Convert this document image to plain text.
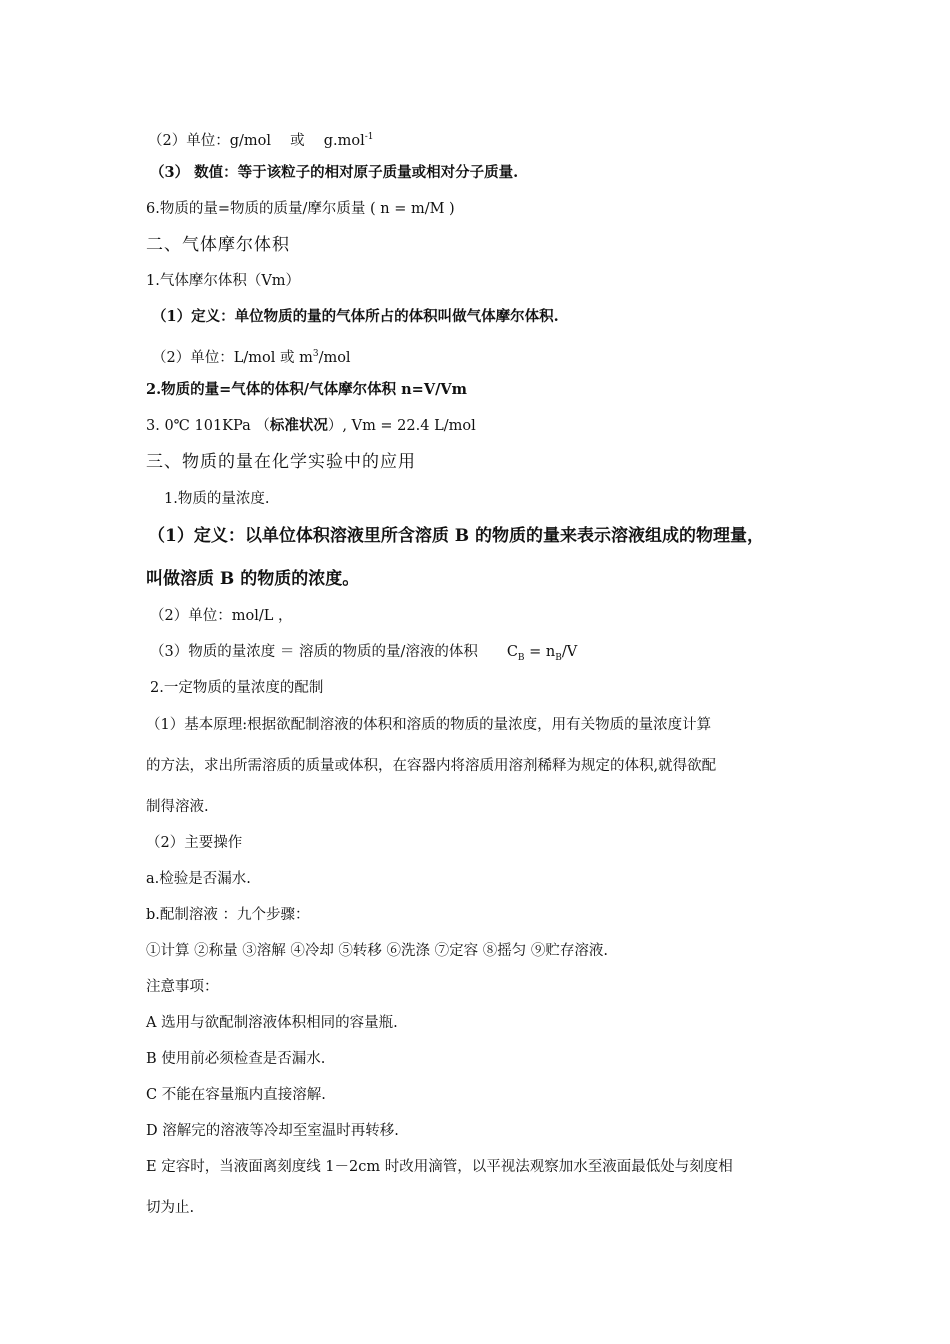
（2）单位：g/mol　 或　 g.mol$^{-1}$
（3） 数值：等于该粒子的相对原子质量或相对分子质量.
6.物质的量=物质的质量/摩尔质量 ( n = m/M )
二、气体摩尔体积
1.气体摩尔体积（Vm）
（1）定义：单位物质的量的气体所占的体积叫做气体摩尔体积.
（2）单位：L/mol 或 $m^3$/mol
2.物质的量=气体的体积/气体摩尔体积 n=V/Vm
3. 0℃ 101KPa （标准状况）, Vm = 22.4 L/mol
三、物质的量在化学实验中的应用
1.物质的量浓度.
（1）定义：以单位体积溶液里所含溶质 B 的物质的量来表示溶液组成的物理量，
叫做溶质 B 的物质的浓度。
（2）单位：mol/L ，
（3）物质的量浓度 ＝ 溶质的物质的量/溶液的体积　　$C_B = n_B/V$
2.一定物质的量浓度的配制
（1）基本原理:根据欲配制溶液的体积和溶质的物质的量浓度，用有关物质的量浓度计算
的方法，求出所需溶质的质量或体积，在容器内将溶质用溶剂稀释为规定的体积,就得欲配
制得溶液.
（2）主要操作
a.检验是否漏水.
b.配制溶液 ：九个步骤：
①计算 ②称量 ③溶解 ④冷却 ⑤转移 ⑥洗涤 ⑦定容 ⑧摇匀 ⑨贮存溶液.
注意事项：
A 选用与欲配制溶液体积相同的容量瓶.
B 使用前必须检查是否漏水.
C 不能在容量瓶内直接溶解.
D 溶解完的溶液等冷却至室温时再转移.
E 定容时，当液面离刻度线 1－2cm 时改用滴管，以平视法观察加水至液面最低处与刻度相
切为止.
